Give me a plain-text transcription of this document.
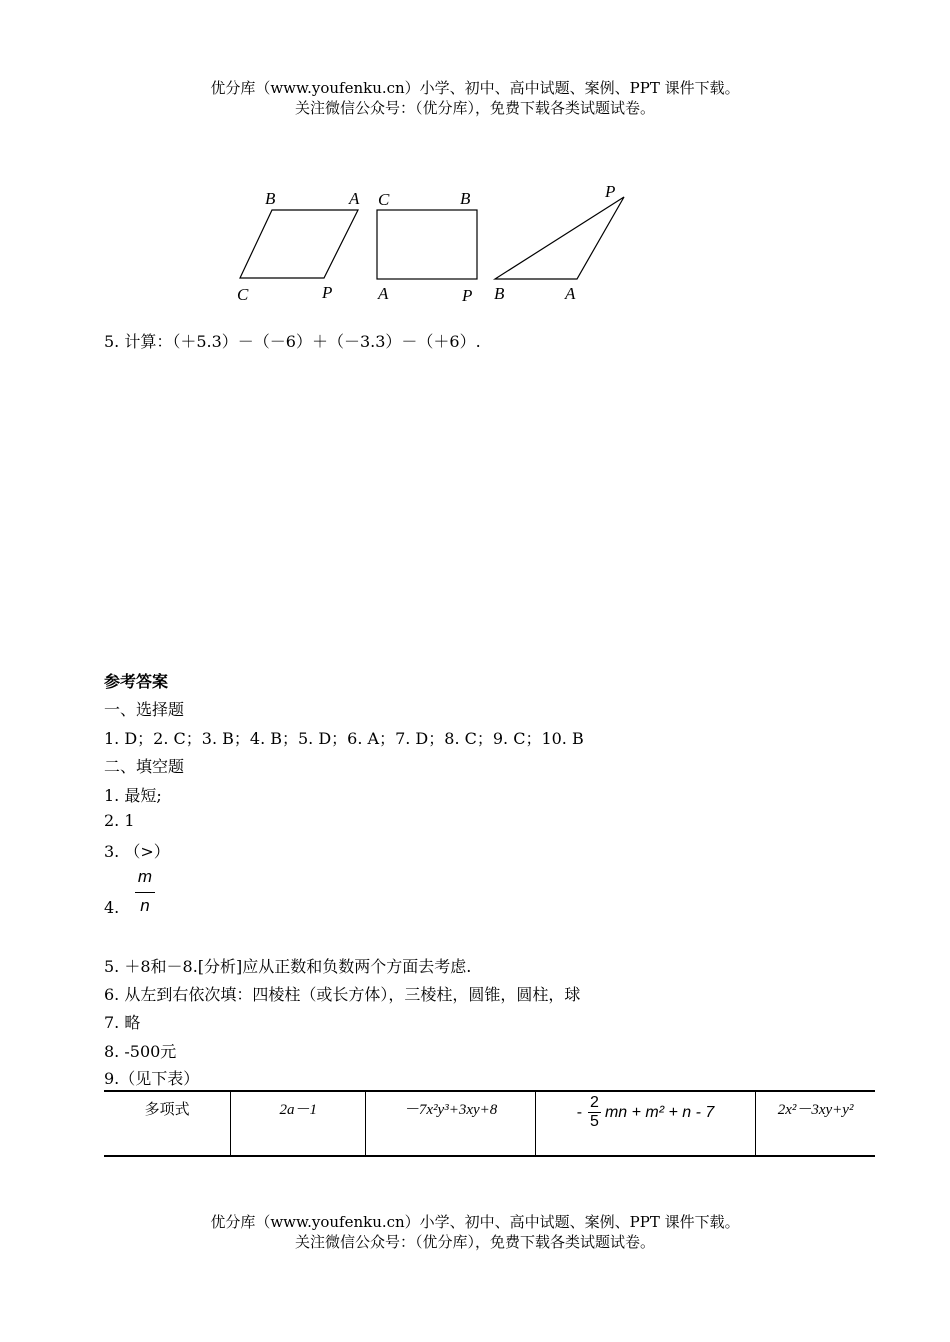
优分库（www.youfenku.cn）小学、初中、高中试题、案例、PPT 课件下载。
关注微信公众号：（优分库），免费下载各类试题试卷。
B	A
C	P
C	B
A	P
P
B	A
5. 计算：（＋5.3）－（－6）＋（－3.3）－（＋6）.
参考答案
一、选择题
1. D；2. C；3. B；4. B；5. D；6. A；7. D；8. C；9. C；10. B
二、填空题
1. 最短;
2. 1
3. （>）
4.
m
n
5. ＋8和－8.[分析]应从正数和负数两个方面去考虑.
6. 从左到右依次填：四棱柱（或长方体），三棱柱，圆锥，圆柱，球
7. 略
8. -500元
9.（见下表）
多项式	2a－1	－7x²y³+3xy+8	- $\frac{2}{5}$ mn + m² + n - 7	2x²－3xy+y²
优分库（www.youfenku.cn）小学、初中、高中试题、案例、PPT 课件下载。
关注微信公众号：（优分库），免费下载各类试题试卷。
